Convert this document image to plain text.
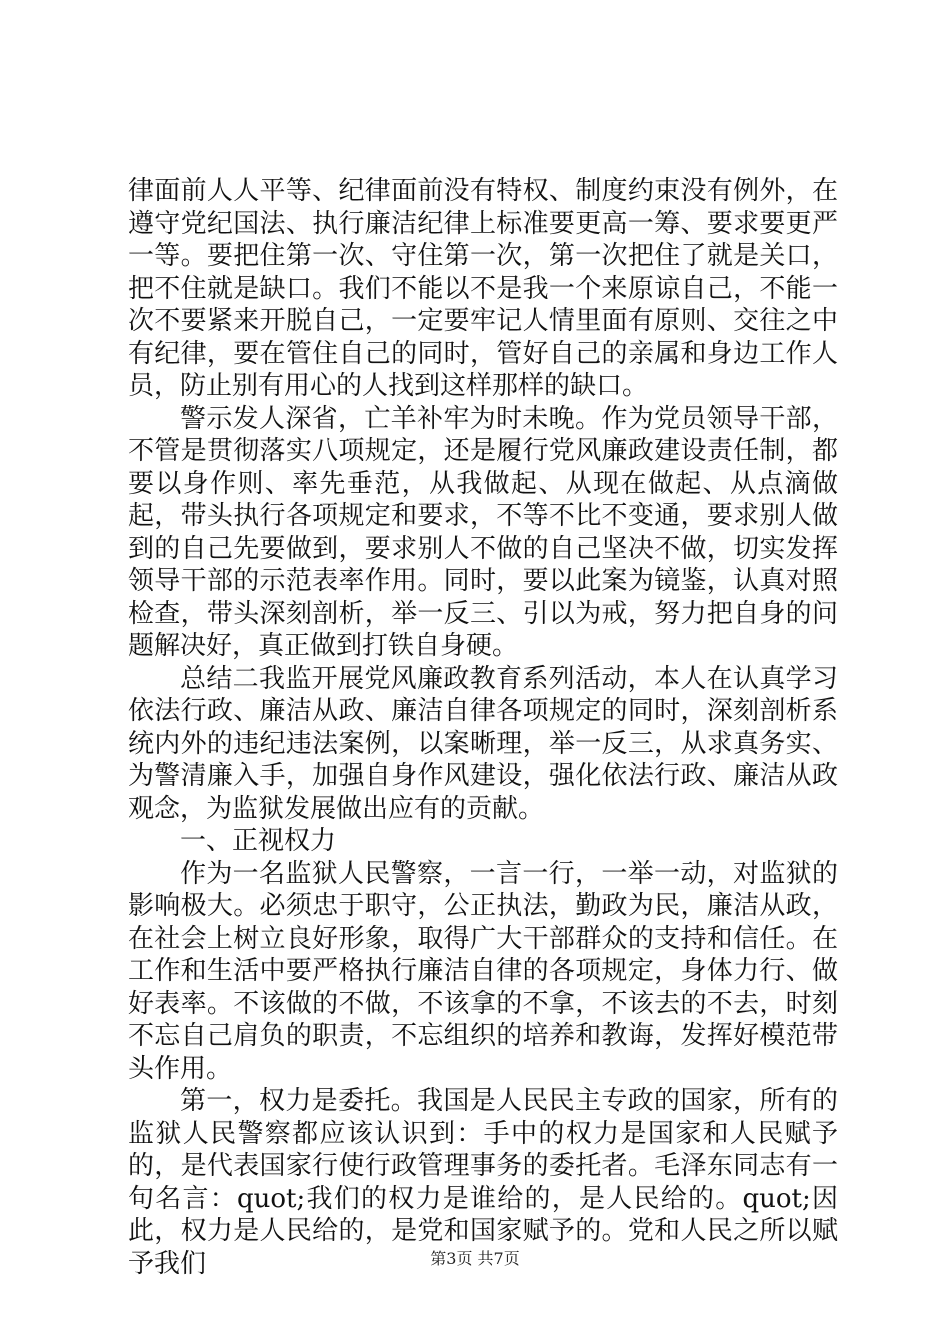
律面前人人平等、纪律面前没有特权、制度约束没有例外，在遵守党纪国法、执行廉洁纪律上标准要更高一筹、要求要更严一等。要把住第一次、守住第一次，第一次把住了就是关口，把不住就是缺口。我们不能以不是我一个来原谅自己，不能一次不要紧来开脱自己，一定要牢记人情里面有原则、交往之中有纪律，要在管住自己的同时，管好自己的亲属和身边工作人员，防止别有用心的人找到这样那样的缺口。

警示发人深省，亡羊补牢为时未晚。作为党员领导干部，不管是贯彻落实八项规定，还是履行党风廉政建设责任制，都要以身作则、率先垂范，从我做起、从现在做起、从点滴做起，带头执行各项规定和要求，不等不比不变通，要求别人做到的自己先要做到，要求别人不做的自己坚决不做，切实发挥领导干部的示范表率作用。同时，要以此案为镜鉴，认真对照检查，带头深刻剖析，举一反三、引以为戒，努力把自身的问题解决好，真正做到打铁自身硬。

总结二我监开展党风廉政教育系列活动，本人在认真学习依法行政、廉洁从政、廉洁自律各项规定的同时，深刻剖析系统内外的违纪违法案例，以案晰理，举一反三，从求真务实、为警清廉入手，加强自身作风建设，强化依法行政、廉洁从政观念，为监狱发展做出应有的贡献。

一、正视权力

作为一名监狱人民警察，一言一行，一举一动，对监狱的影响极大。必须忠于职守，公正执法，勤政为民，廉洁从政，在社会上树立良好形象，取得广大干部群众的支持和信任。在工作和生活中要严格执行廉洁自律的各项规定，身体力行、做好表率。不该做的不做，不该拿的不拿，不该去的不去，时刻不忘自己肩负的职责，不忘组织的培养和教诲，发挥好模范带头作用。

第一，权力是委托。我国是人民民主专政的国家，所有的监狱人民警察都应该认识到：手中的权力是国家和人民赋予的，是代表国家行使行政管理事务的委托者。毛泽东同志有一句名言：quot;我们的权力是谁给的，是人民给的。quot;因此，权力是人民给的，是党和国家赋予的。党和人民之所以赋予我们	第3页 共7页
